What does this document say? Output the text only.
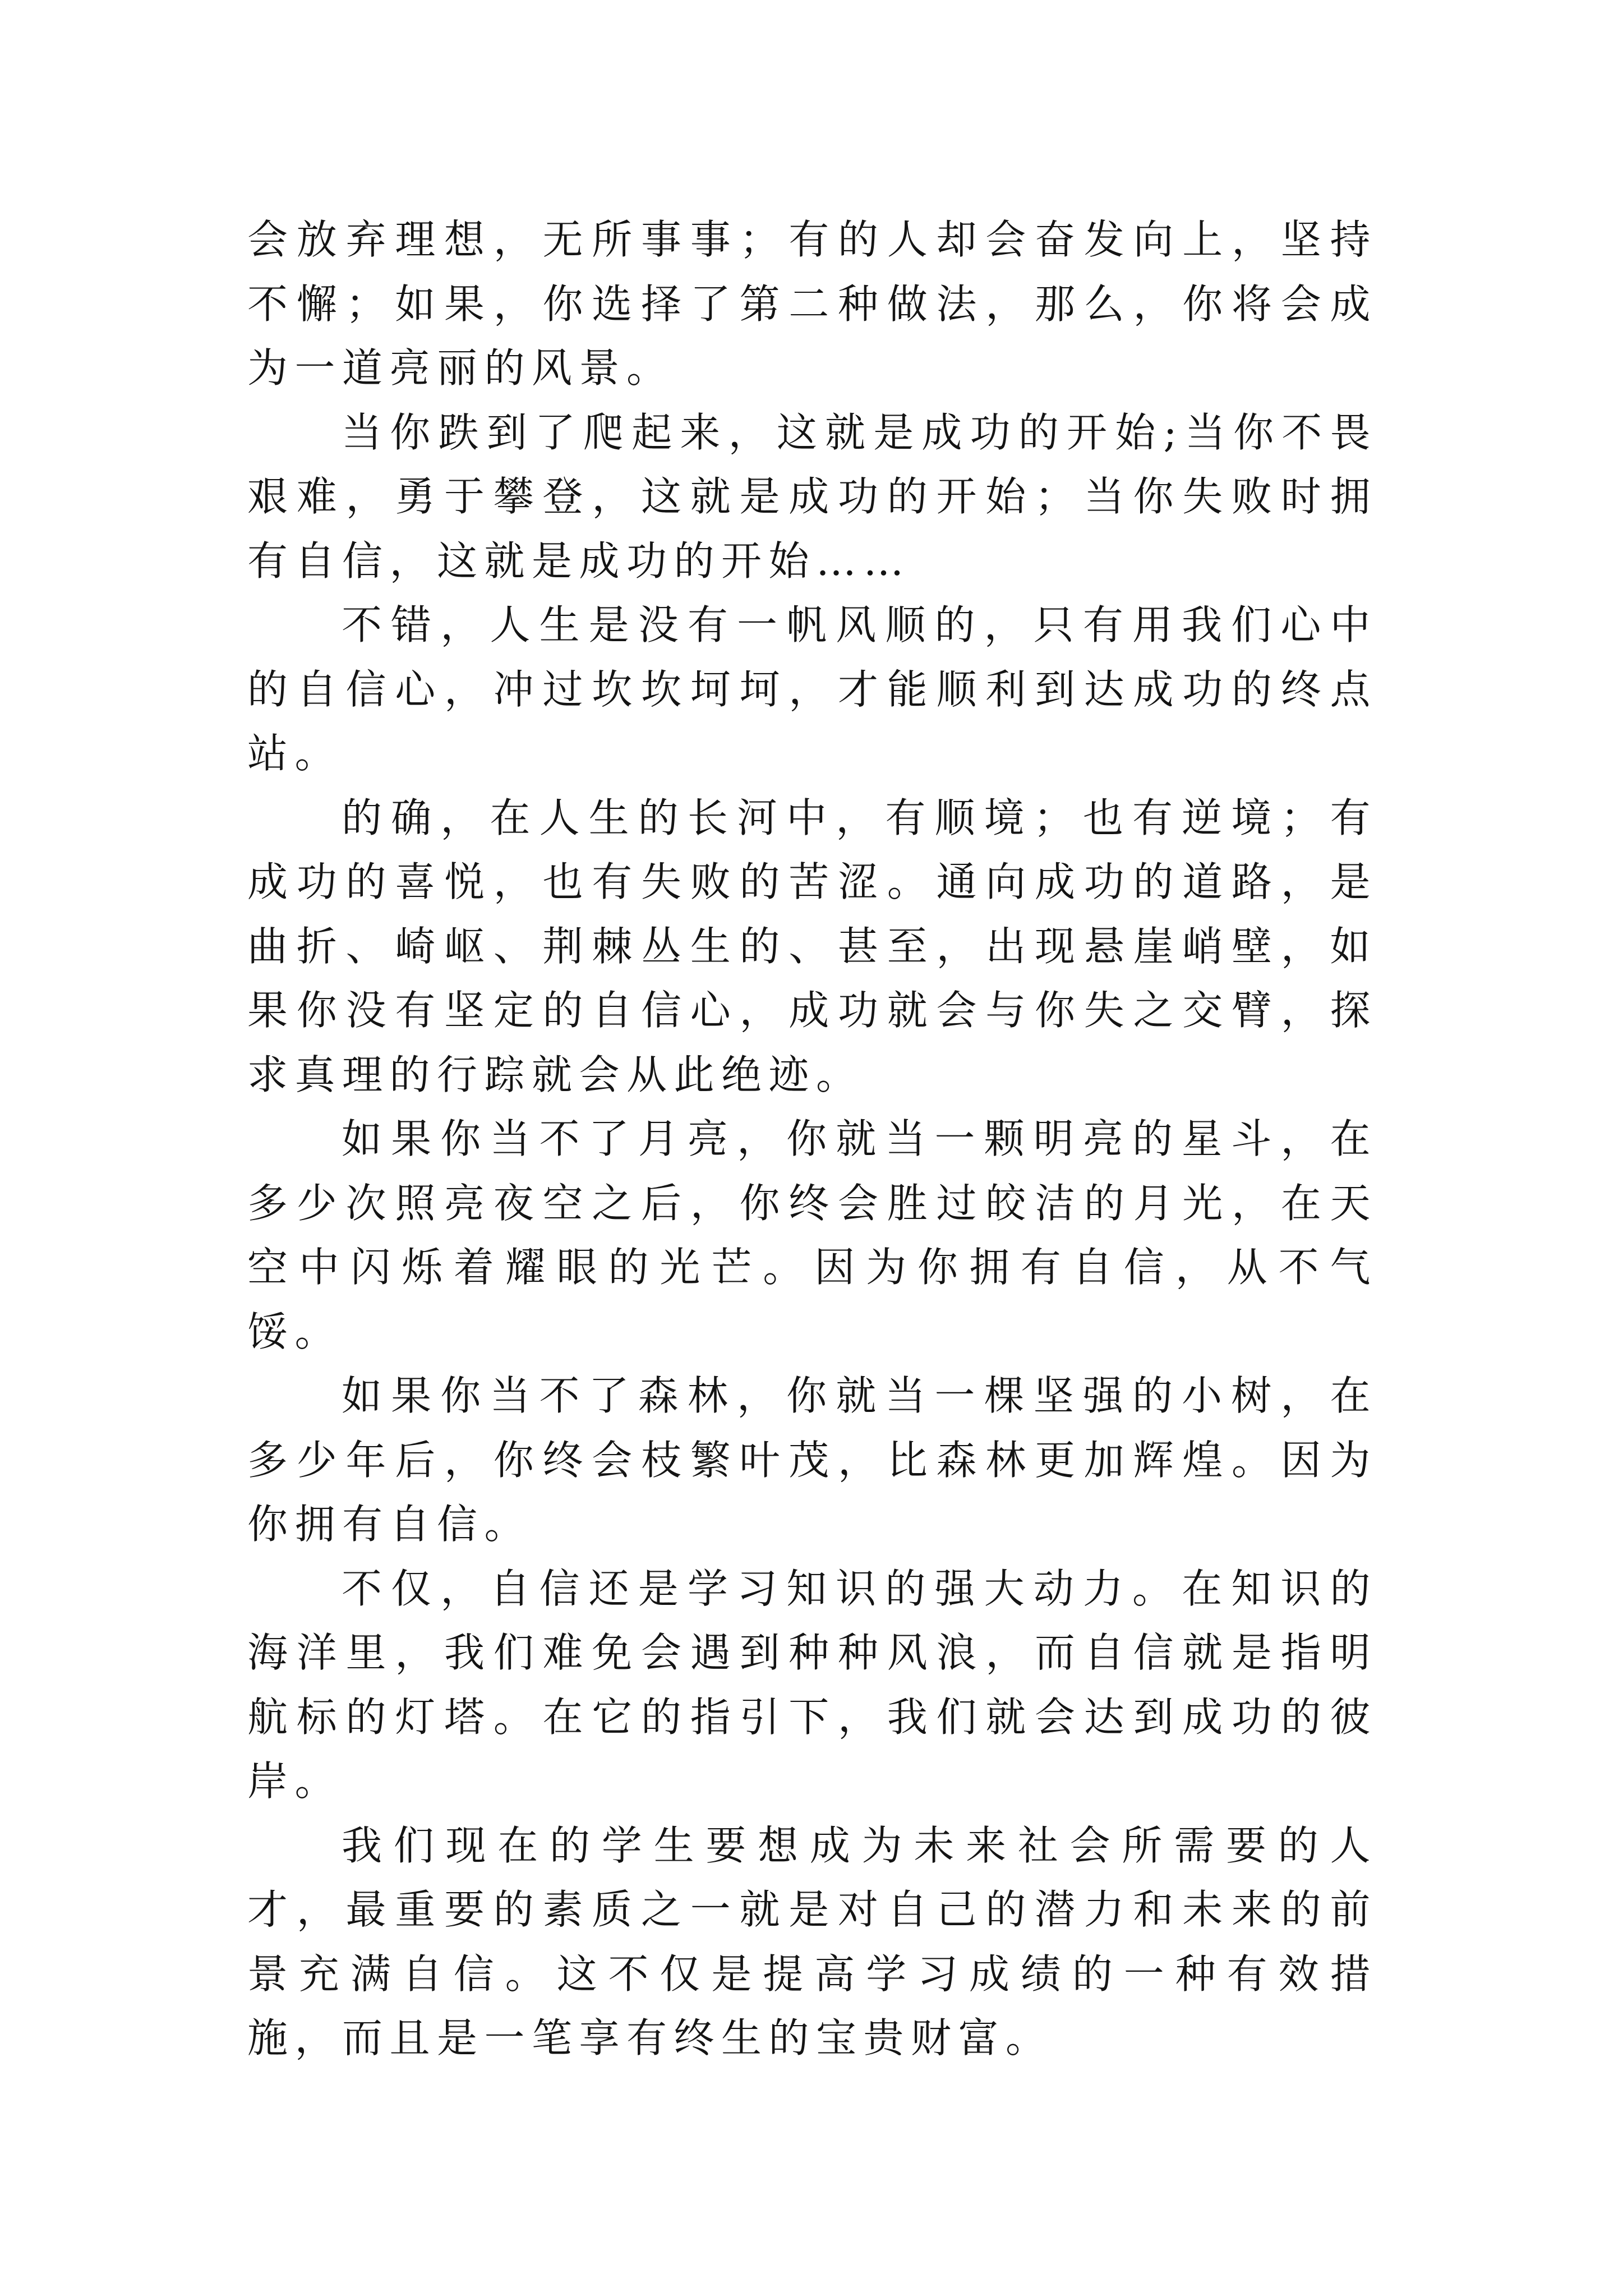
会放弃理想，无所事事；有的人却会奋发向上，坚持不懈；如果，你选择了第二种做法，那么，你将会成为一道亮丽的风景。

当你跌到了爬起来，这就是成功的开始;当你不畏艰难，勇于攀登，这就是成功的开始；当你失败时拥有自信，这就是成功的开始……

不错，人生是没有一帆风顺的，只有用我们心中的自信心，冲过坎坎坷坷，才能顺利到达成功的终点站。

的确，在人生的长河中，有顺境；也有逆境；有成功的喜悦，也有失败的苦涩。通向成功的道路，是曲折、崎岖、荆棘丛生的、甚至，出现悬崖峭壁，如果你没有坚定的自信心，成功就会与你失之交臂，探求真理的行踪就会从此绝迹。

如果你当不了月亮，你就当一颗明亮的星斗，在多少次照亮夜空之后，你终会胜过皎洁的月光，在天空中闪烁着耀眼的光芒。因为你拥有自信，从不气馁。

如果你当不了森林，你就当一棵坚强的小树，在多少年后，你终会枝繁叶茂，比森林更加辉煌。因为你拥有自信。

不仅，自信还是学习知识的强大动力。在知识的海洋里，我们难免会遇到种种风浪，而自信就是指明航标的灯塔。在它的指引下，我们就会达到成功的彼岸。

我们现在的学生要想成为未来社会所需要的人才，最重要的素质之一就是对自己的潜力和未来的前景充满自信。这不仅是提高学习成绩的一种有效措施，而且是一笔享有终生的宝贵财富。
